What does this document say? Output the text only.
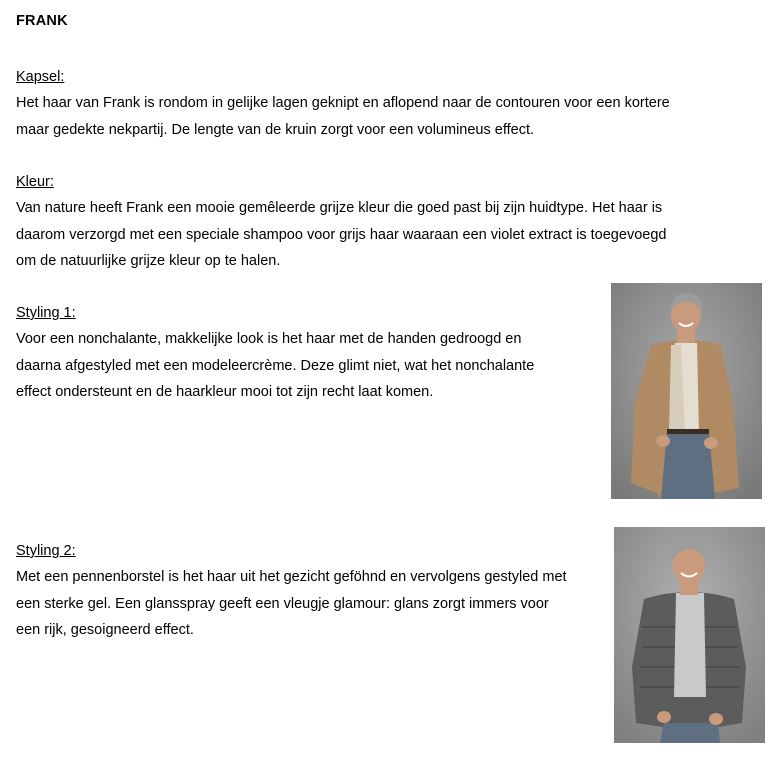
FRANK
Kapsel:
Het haar van Frank is rondom in gelijke lagen geknipt en aflopend naar de contouren voor een kortere
maar gedekte nekpartij. De lengte van de kruin zorgt voor een volumineus effect.
Kleur:
Van nature heeft Frank een mooie gemêleerde grijze kleur die goed past bij zijn huidtype. Het haar is
daarom verzorgd met een speciale shampoo voor grijs haar waaraan een violet extract is toegevoegd
om de natuurlijke grijze kleur op te halen.
Styling 1:
Voor een nonchalante, makkelijke look is het haar met de handen gedroogd en
daarna afgestyled met een modeleercrème. Deze glimt niet, wat het nonchalante
effect ondersteunt en de haarkleur mooi tot zijn recht laat komen.
Styling 2:
Met een pennenborstel is het haar uit het gezicht geföhnd en vervolgens gestyled met
een sterke gel. Een glansspray geeft een vleugje glamour: glans zorgt immers voor
een rijk, gesoigneerd effect.
